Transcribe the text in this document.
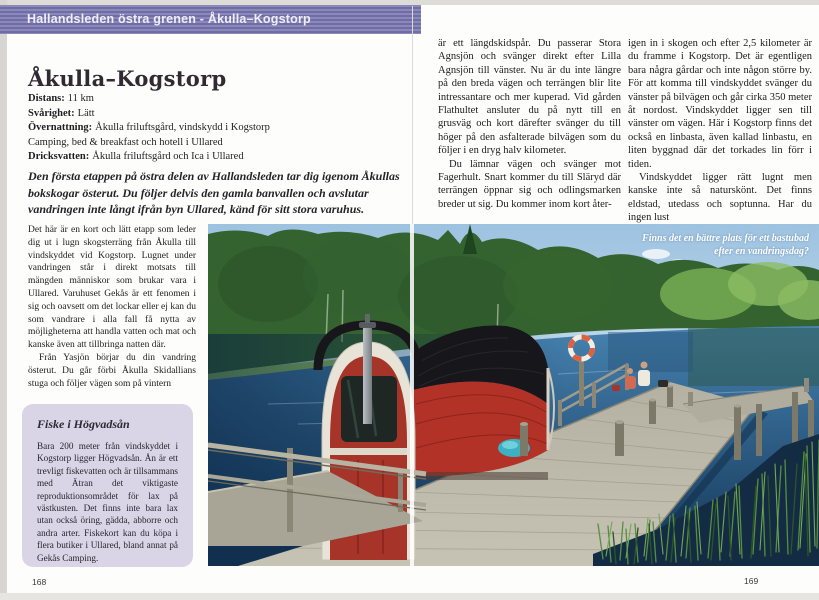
Hallandsleden östra grenen - Åkulla–Kogstorp
Åkulla–Kogstorp
Distans: 11 km
Svårighet: Lätt
Övernattning: Åkulla friluftsgård, vindskydd i Kogstorp
Camping, bed & breakfast och hotell i Ullared
Dricksvatten: Åkulla friluftsgård och Ica i Ullared

Den första etappen på östra delen av Hallandsleden tar dig igenom Åkullas bokskogar österut. Du följer delvis den gamla banvallen och avslutar vandringen inte långt ifrån byn Ullared, känd för sitt stora varuhus.

Det här är en kort och lätt etapp som leder dig ut i lugn skogsterräng från Åkulla till vindskyddet vid Kogstorp. Lugnet under vandringen står i direkt motsats till mängden människor som brukar vara i Ullared. Varuhuset Gekås är ett fenomen i sig och oavsett om det lockar eller ej kan du som vandrare i alla fall få nytta av möjligheterna att handla vatten och mat och kanske även att tillbringa natten där.

Från Yasjön börjar du din vandring österut. Du går förbi Åkulla Skidallians stuga och följer vägen som på vintern

Fiske i Högvadsån

Bara 200 meter från vindskyddet i Kogstorp ligger Högvadsån. Ån är ett trevligt fiskevatten och är tillsammans med Ätran det viktigaste reproduktionsområdet för lax på västkusten. Det finns inte bara lax utan också öring, gädda, abborre och andra arter. Fiskekort kan du köpa i flera butiker i Ullared, bland annat på Gekås Camping.

168

är ett längdskidspår. Du passerar Stora Agnsjön och svänger direkt efter Lilla Agnsjön till vänster. Nu är du inte längre på den breda vägen och terrängen blir lite intressantare och mer kuperad. Vid gården Flathultet ansluter du på nytt till en grusväg och kort därefter svänger du till höger på den asfalterade bilvägen som du följer i en dryg halv kilometer.

Du lämnar vägen och svänger mot Fagerhult. Snart kommer du till Släryd där terrängen öppnar sig och odlingsmarken breder ut sig. Du kommer inom kort åter-

igen in i skogen och efter 2,5 kilometer är du framme i Kogstorp. Det är egentligen bara några gårdar och inte någon större by. För att komma till vindskyddet svänger du vänster på bilvägen och går cirka 350 meter åt nordost. Vindskyddet ligger sen till vänster om vägen. Här i Kogstorp finns det också en linbasta, även kallad linbastu, en liten byggnad där det torkades lin förr i tiden.

Vindskyddet ligger rätt lugnt men kanske inte så naturskönt. Det finns eldstad, utedass och soptunna. Har du ingen lust

169
Finns det en bättre plats för ett bastubad efter en vandringsdag?
